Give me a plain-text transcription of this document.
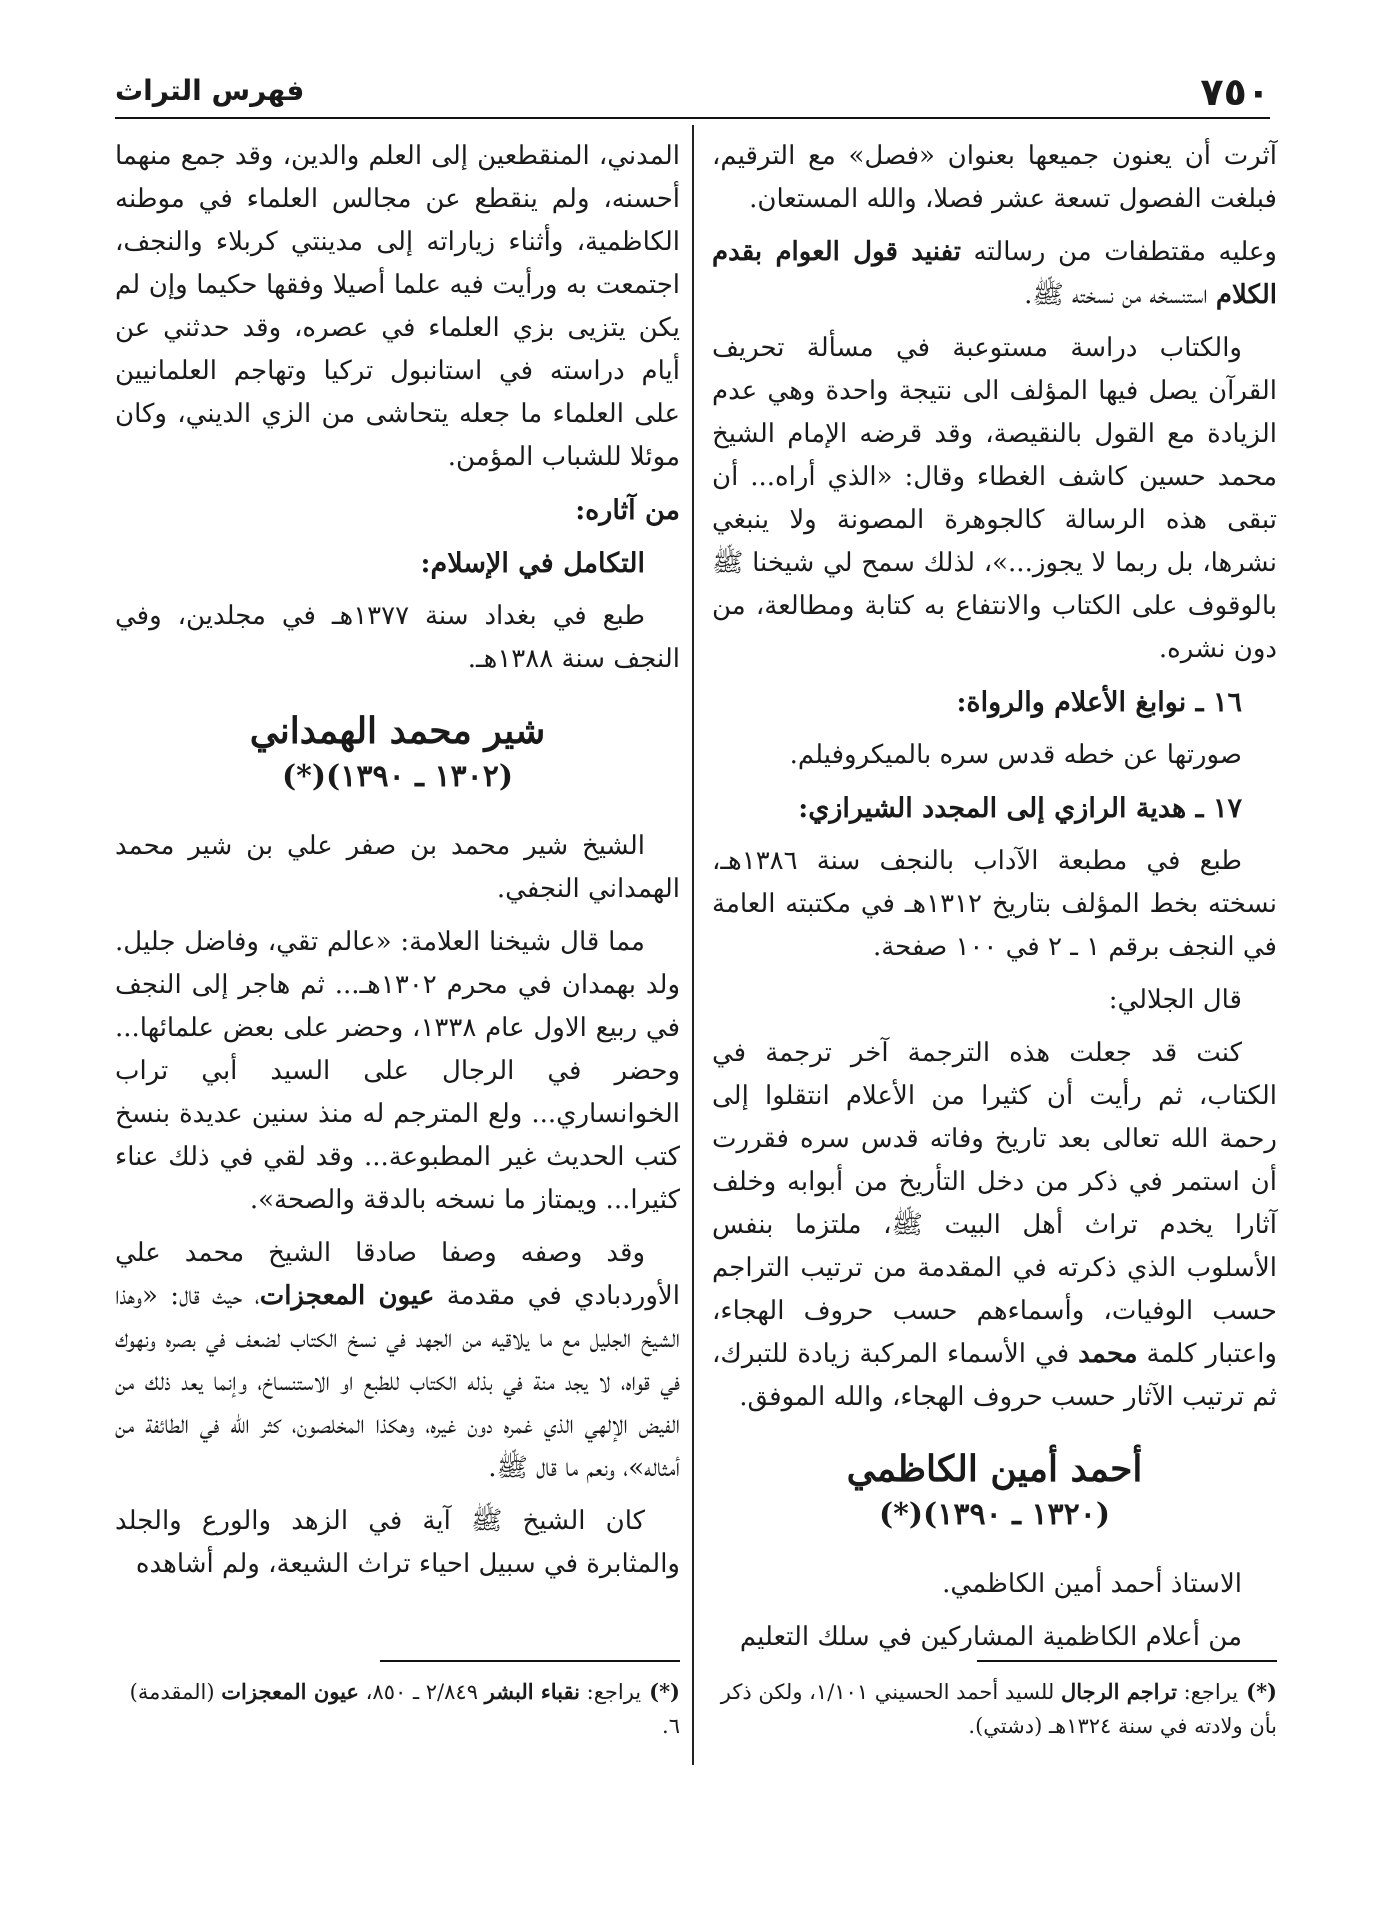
٧٥٠
فهرس التراث

آثرت أن يعنون جميعها بعنوان «فصل» مع الترقيم، فبلغت الفصول تسعة عشر فصلا، والله المستعان.

وعليه مقتطفات من رسالته تفنيد قول العوام بقدم الكلام استنسخه من نسخته ﷺ.

والكتاب دراسة مستوعبة في مسألة تحريف القرآن يصل فيها المؤلف الى نتيجة واحدة وهي عدم الزيادة مع القول بالنقيصة، وقد قرضه الإمام الشيخ محمد حسين كاشف الغطاء وقال: «الذي أراه... أن تبقى هذه الرسالة كالجوهرة المصونة ولا ينبغي نشرها، بل ربما لا يجوز...»، لذلك سمح لي شيخنا ﷺ بالوقوف على الكتاب والانتفاع به كتابة ومطالعة، من دون نشره.

١٦ ـ نوابغ الأعلام والرواة:

صورتها عن خطه قدس سره بالميكروفيلم.

١٧ ـ هدية الرازي إلى المجدد الشيرازي:

طبع في مطبعة الآداب بالنجف سنة ١٣٨٦هـ، نسخته بخط المؤلف بتاريخ ١٣١٢هـ في مكتبته العامة في النجف برقم ١ ـ ٢ في ١٠٠ صفحة.

قال الجلالي:

كنت قد جعلت هذه الترجمة آخر ترجمة في الكتاب، ثم رأيت أن كثيرا من الأعلام انتقلوا إلى رحمة الله تعالى بعد تاريخ وفاته قدس سره فقررت أن استمر في ذكر من دخل التأريخ من أبوابه وخلف آثارا يخدم تراث أهل البيت ﷺ، ملتزما بنفس الأسلوب الذي ذكرته في المقدمة من ترتيب التراجم حسب الوفيات، وأسماءهم حسب حروف الهجاء، واعتبار كلمة محمد في الأسماء المركبة زيادة للتبرك، ثم ترتيب الآثار حسب حروف الهجاء، والله الموفق.

أحمد أمين الكاظمي
(١٣٢٠ ـ ١٣٩٠)(*)

الاستاذ أحمد أمين الكاظمي.

من أعلام الكاظمية المشاركين في سلك التعليم

المدني، المنقطعين إلى العلم والدين، وقد جمع منهما أحسنه، ولم ينقطع عن مجالس العلماء في موطنه الكاظمية، وأثناء زياراته إلى مدينتي كربلاء والنجف، اجتمعت به ورأيت فيه علما أصيلا وفقها حكيما وإن لم يكن يتزيى بزي العلماء في عصره، وقد حدثني عن أيام دراسته في استانبول تركيا وتهاجم العلمانيين على العلماء ما جعله يتحاشى من الزي الديني، وكان موئلا للشباب المؤمن.

من آثاره:
التكامل في الإسلام:

طبع في بغداد سنة ١٣٧٧هـ في مجلدين، وفي النجف سنة ١٣٨٨هـ.

شير محمد الهمداني
(١٣٠٢ ـ ١٣٩٠)(*)

الشيخ شير محمد بن صفر علي بن شير محمد الهمداني النجفي.

مما قال شيخنا العلامة: «عالم تقي، وفاضل جليل. ولد بهمدان في محرم ١٣٠٢هـ... ثم هاجر إلى النجف في ربيع الاول عام ١٣٣٨، وحضر على بعض علمائها... وحضر في الرجال على السيد أبي تراب الخوانساري... ولع المترجم له منذ سنين عديدة بنسخ كتب الحديث غير المطبوعة... وقد لقي في ذلك عناء كثيرا... ويمتاز ما نسخه بالدقة والصحة».

وقد وصفه وصفا صادقا الشيخ محمد علي الأوردبادي في مقدمة عيون المعجزات، حيث قال: «وهذا الشيخ الجليل مع ما يلاقيه من الجهد في نسخ الكتاب لضعف في بصره ونهوك في قواه، لا يجد منة في بذله الكتاب للطبع او الاستنساخ، وإنما يعد ذلك من الفيض الإلهي الذي غمره دون غيره، وهكذا المخلصون، كثر الله في الطائفة من أمثاله»، ونعم ما قال ﷺ.

كان الشيخ ﷺ آية في الزهد والورع والجلد والمثابرة في سبيل احياء تراث الشيعة، ولم أشاهده

(*)يراجع: تراجم الرجال للسيد أحمد الحسيني ١/١٠١، ولكن ذكر بأن ولادته في سنة ١٣٢٤هـ (دشتي).
(*)يراجع: نقباء البشر ٢/٨٤٩ ـ ٨٥٠، عيون المعجزات (المقدمة) ٦.
